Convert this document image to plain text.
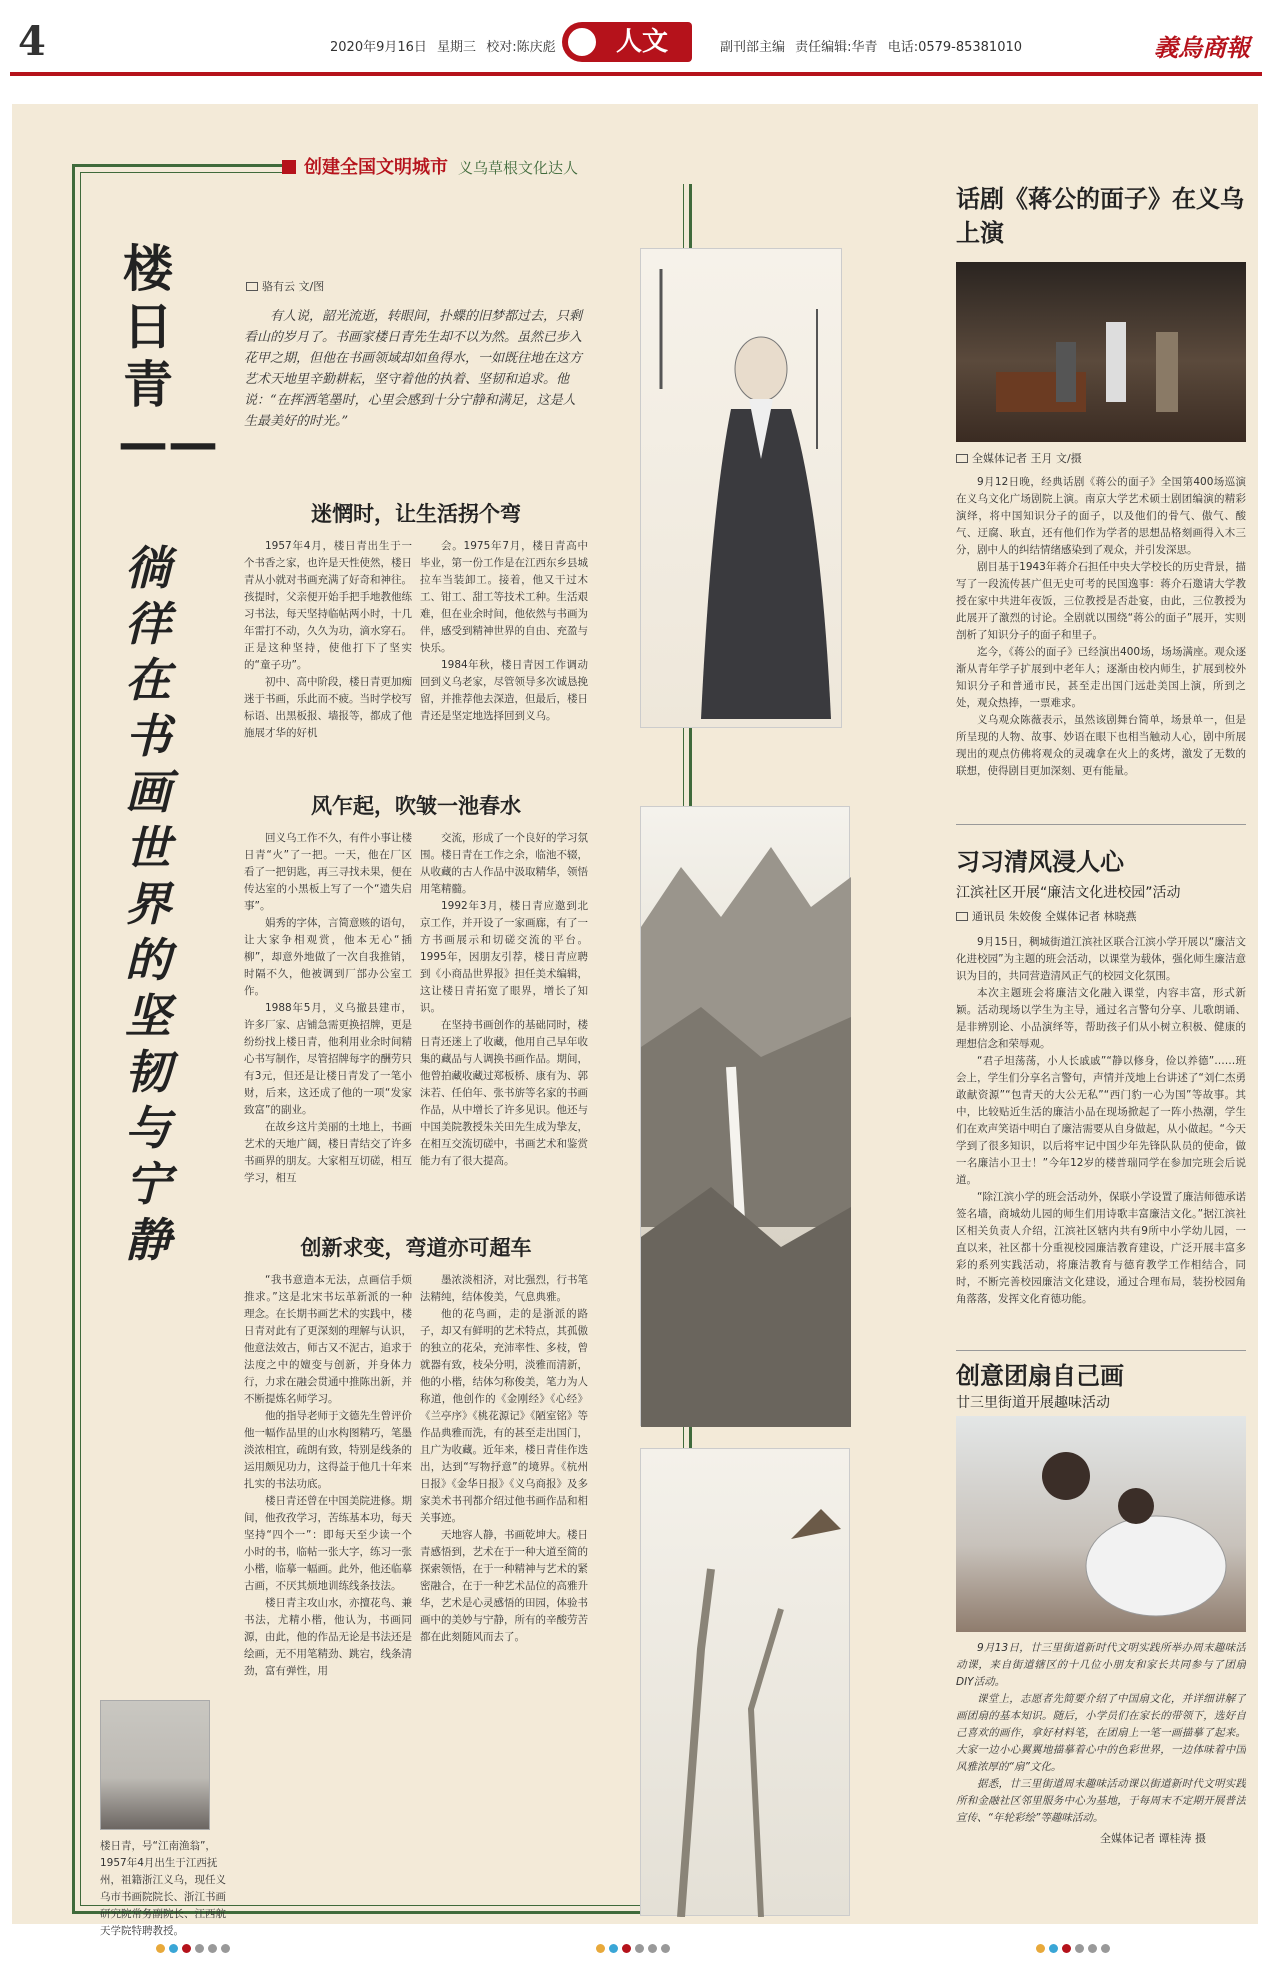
4	2020年9月16日 星期三 校对:陈庆彪	人文	副刊部主编 责任编辑:华青 电话:0579-85381010	義烏商報
创建全国文明城市 义乌草根文化达人
楼日青——
徜徉在书画世界的坚韧与宁静
骆有云 文/图
有人说，韶光流逝，转眼间，扑蝶的旧梦都过去，只剩看山的岁月了。书画家楼日青先生却不以为然。虽然已步入花甲之期，但他在书画领域却如鱼得水，一如既往地在这方艺术天地里辛勤耕耘，坚守着他的执着、坚韧和追求。他说：“在挥洒笔墨时，心里会感到十分宁静和满足，这是人生最美好的时光。”
迷惘时，让生活拐个弯

1957年4月，楼日青出生于一个书香之家，也许是天性使然，楼日青从小就对书画充满了好奇和神往。孩提时，父亲便开始手把手地教他练习书法，每天坚持临帖两小时，十几年雷打不动，久久为功，滴水穿石。正是这种坚持，使他打下了坚实的“童子功”。

初中、高中阶段，楼日青更加痴迷于书画，乐此而不疲。当时学校写标语、出黑板报、墙报等，都成了他施展才华的好机

会。1975年7月，楼日青高中毕业，第一份工作是在江西东乡县城拉车当装卸工。接着，他又干过木工、钳工、甜工等技术工种。生活艰难，但在业余时间，他依然与书画为伴，感受到精神世界的自由、充盈与快乐。

1984年秋，楼日青因工作调动回到义乌老家，尽管领导多次诚恳挽留，并推荐他去深造，但最后，楼日青还是坚定地选择回到义乌。

风乍起，吹皱一池春水

回义乌工作不久，有件小事让楼日青“火”了一把。一天，他在厂区看了一把钥匙，再三寻找未果，便在传达室的小黑板上写了一个“遗失启事”。

娟秀的字体，言简意赅的语句，让大家争相观赏，他本无心“插柳”，却意外地做了一次自我推销，时隔不久，他被调到厂部办公室工作。

1988年5月，义乌撤县建市，许多厂家、店铺急需更换招牌，更是纷纷找上楼日青，他利用业余时间精心书写制作，尽管招牌每字的酬劳只有3元，但还是让楼日青发了一笔小财，后来，这还成了他的一项“发家致富”的副业。

在故乡这片美丽的土地上，书画艺术的天地广阔，楼日青结交了许多书画界的朋友。大家相互切磋，相互学习，相互

交流，形成了一个良好的学习氛围。楼日青在工作之余，临池不辍，从收藏的古人作品中汲取精华，领悟用笔精髓。

1992年3月，楼日青应邀到北京工作，并开设了一家画廊，有了一方书画展示和切磋交流的平台。1995年，因朋友引荐，楼日青应聘到《小商品世界报》担任美术编辑，这让楼日青拓宽了眼界，增长了知识。

在坚持书画创作的基础同时，楼日青还迷上了收藏，他用自己早年收集的藏品与人调换书画作品。期间，他曾拍藏收藏过郑板桥、康有为、郭沫若、任伯年、张书旂等名家的书画作品，从中增长了许多见识。他还与中国美院教授朱关田先生成为挚友，在相互交流切磋中，书画艺术和鉴赏能力有了很大提高。

创新求变，弯道亦可超车

“我书意造本无法，点画信手烦推求。”这是北宋书坛革新派的一种理念。在长期书画艺术的实践中，楼日青对此有了更深刻的理解与认识，他意法效古，师古又不泥古，追求于法度之中的嬗变与创新，并身体力行，力求在融会贯通中推陈出新，并不断提炼名师学习。

他的指导老师于文德先生曾评价他一幅作品里的山水构图精巧，笔墨淡浓相宜，疏朗有致，特别是线条的运用颇见功力，这得益于他几十年来扎实的书法功底。

楼日青还曾在中国美院进修。期间，他孜孜学习，苦练基本功，每天坚持“四个一”：即每天至少读一个小时的书，临帖一张大字，练习一张小楷，临摹一幅画。此外，他还临摹古画，不厌其烦地训练线条技法。

楼日青主攻山水，亦擅花鸟、兼书法，尤精小楷，他认为，书画同源，由此，他的作品无论是书法还是绘画，无不用笔精劲、跳宕，线条清劲，富有弹性，用

墨浓淡相济，对比强烈，行书笔法精纯，结体俊美，气息典雅。

他的花鸟画，走的是浙派的路子，却又有鲜明的艺术特点，其孤傲的独立的花朵，充沛率性、多枝，曾就器有致，枝朵分明，淡雅而清新，他的小楷，结体匀称俊美，笔力为人称道，他创作的《金刚经》《心经》《兰亭序》《桃花源记》《陋室铭》等作品典雅而洗，有的甚至走出国门，且广为收藏。近年来，楼日青佳作迭出，达到“写物抒意”的境界。《杭州日报》《金华日报》《义乌商报》及多家美术书刊都介绍过他书画作品和相关事迹。

天地容人静，书画乾坤大。楼日青感悟到，艺术在于一种大道至简的探索领悟，在于一种精神与艺术的紧密融合，在于一种艺术品位的高雅升华，艺术是心灵感悟的田园，体验书画中的美妙与宁静，所有的辛酸劳苦都在此刻随风而去了。

楼日青，号“江南渔翁”，1957年4月出生于江西抚州，祖籍浙江义乌，现任义乌市书画院院长、浙江书画研究院常务副院长、江西航天学院特聘教授。
话剧《蒋公的面子》在义乌上演
全媒体记者 王月 文/摄

9月12日晚，经典话剧《蒋公的面子》全国第400场巡演在义乌文化广场剧院上演。南京大学艺术硕士剧团编演的精彩演绎，将中国知识分子的面子，以及他们的骨气、傲气、酸气、迂腐、耿直，还有他们作为学者的思想品格刻画得入木三分，剧中人的纠结情绪感染到了观众，并引发深思。

剧目基于1943年蒋介石担任中央大学校长的历史背景，描写了一段流传甚广但无史可考的民国逸事：蒋介石邀请大学教授在家中共进年夜饭，三位教授是否赴宴，由此，三位教授为此展开了激烈的讨论。全剧就以围绕“蒋公的面子”展开，实则剖析了知识分子的面子和里子。

迄今，《蒋公的面子》已经演出400场，场场满座。观众逐渐从青年学子扩展到中老年人；逐渐由校内师生，扩展到校外知识分子和普通市民，甚至走出国门远赴美国上演，所到之处，观众热捧，一票难求。

义乌观众陈薇表示，虽然该剧舞台简单，场景单一，但是所呈现的人物、故事、妙语在眼下也相当触动人心，剧中所展现出的观点仿佛将观众的灵魂拿在火上的炙烤，激发了无数的联想，使得剧目更加深刻、更有能量。

习习清风浸人心
江滨社区开展“廉洁文化进校园”活动
通讯员 朱姣俊 全媒体记者 林晓燕

9月15日，稠城街道江滨社区联合江滨小学开展以“廉洁文化进校园”为主题的班会活动，以课堂为载体，强化师生廉洁意识为目的，共同营造清风正气的校园文化氛围。

本次主题班会将廉洁文化融入课堂，内容丰富，形式新颖。活动现场以学生为主导，通过名言警句分享、儿歌朗诵、是非辨别论、小品演绎等，帮助孩子们从小树立积极、健康的理想信念和荣辱观。

“君子坦荡荡，小人长戚戚”“静以修身，俭以养德”……班会上，学生们分享名言警句，声情并茂地上台讲述了“刘仁杰勇敢献资源”“包青天的大公无私”“西门豹一心为国”等故事。其中，比较贴近生活的廉洁小品在现场掀起了一阵小热潮，学生们在欢声笑语中明白了廉洁需要从自身做起，从小做起。“今天学到了很多知识，以后将牢记中国少年先锋队队员的使命，做一名廉洁小卫士！”今年12岁的楼普瑞同学在参加完班会后说道。

“除江滨小学的班会活动外，保联小学设置了廉洁师德承诺签名墙，商城幼儿园的师生们用诗歌丰富廉洁文化。”据江滨社区相关负责人介绍，江滨社区辖内共有9所中小学幼儿园，一直以来，社区都十分重视校园廉洁教育建设，广泛开展丰富多彩的系列实践活动，将廉洁教育与德育教学工作相结合，同时，不断完善校园廉洁文化建设，通过合理布局，装扮校园角角落落，发挥文化育德功能。

创意团扇自己画
廿三里街道开展趣味活动

9月13日，廿三里街道新时代文明实践所举办周末趣味活动课，来自街道辖区的十几位小朋友和家长共同参与了团扇DIY活动。

课堂上，志愿者先简要介绍了中国扇文化，并详细讲解了画团扇的基本知识。随后，小学员们在家长的带领下，选好自己喜欢的画作，拿好材料笔，在团扇上一笔一画描摹了起来。大家一边小心翼翼地描摹着心中的色彩世界，一边体味着中国风雅浓厚的“扇”文化。

据悉，廿三里街道周末趣味活动课以街道新时代文明实践所和金融社区邻里服务中心为基地，于每周末不定期开展普法宣传、“年轮彩绘”等趣味活动。

全媒体记者 谭桂涛 摄
